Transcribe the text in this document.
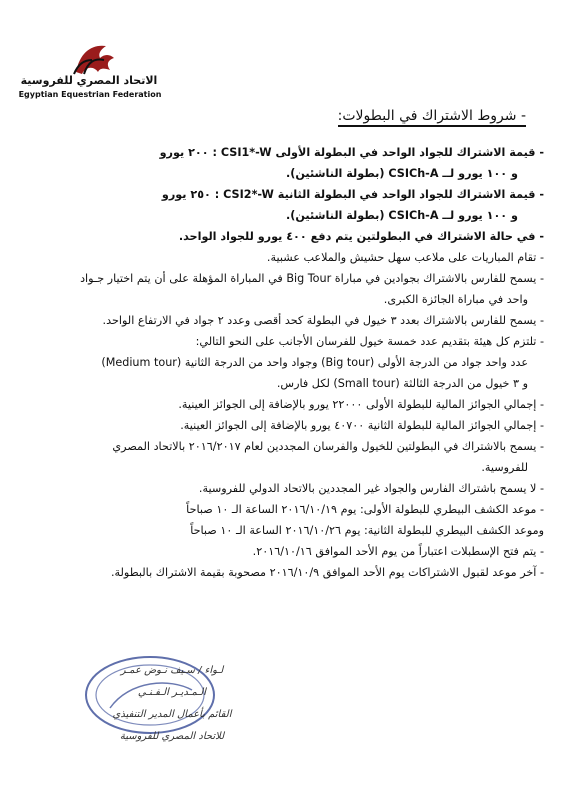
الاتحاد المصري للفروسية
Egyptian Equestrian Federation
- شروط الاشتراك في البطولات:
- قيمة الاشتراك للجواد الواحد في البطولة الأولى CSI1*-W : ٢٠٠ يورو
و ١٠٠ يورو لــ CSICh-A (بطولة الناشئين).
- قيمة الاشتراك للجواد الواحد في البطولة الثانية CSI2*-W : ٢٥٠ يورو
و ١٠٠ يورو لــ CSICh-A (بطولة الناشئين).
- في حالة الاشتراك في البطولتين يتم دفع ٤٠٠ يورو للجواد الواحد.
- تقام المباريات على ملاعب سهل حشيش والملاعب عشبية.
- يسمح للفارس بالاشتراك بجوادين في مباراة Big Tour في المباراة المؤهلة على أن يتم اختيار جـواد
واحد في مباراة الجائزة الكبرى.
- يسمح للفارس بالاشتراك بعدد ٣ خيول في البطولة كحد أقصى وعدد ٢ جواد في الارتفاع الواحد.
- تلتزم كل هيئة بتقديم عدد خمسة خيول للفرسان الأجانب على النحو التالي:
عدد واحد جواد من الدرجة الأولى (Big tour) وجواد واحد من الدرجة الثانية (Medium tour)
و ٣ خيول من الدرجة الثالثة (Small tour) لكل فارس.
- إجمالي الجوائز المالية للبطولة الأولى ٢٢٠٠٠ يورو بالإضافة إلى الجوائز العينية.
- إجمالي الجوائز المالية للبطولة الثانية ٤٠٧٠٠ يورو بالإضافة إلى الجوائز العينية.
- يسمح بالاشتراك في البطولتين للخيول والفرسان المجددين لعام ٢٠١٦/٢٠١٧ بالاتحاد المصري
للفروسية.
- لا يسمح باشتراك الفارس والجواد غير المجددين بالاتحاد الدولي للفروسية.
- موعد الكشف البيطري للبطولة الأولى: يوم ٢٠١٦/١٠/١٩ الساعة الـ ١٠ صباحاً
وموعد الكشف البيطري للبطولة الثانية: يوم ٢٠١٦/١٠/٢٦ الساعة الـ ١٠ صباحاً
- يتم فتح الإسطبلات اعتباراً من يوم الأحد الموافق ٢٠١٦/١٠/١٦.
- آخر موعد لقبول الاشتراكات يوم الأحد الموافق ٢٠١٦/١٠/٩ مصحوبة بقيمة الاشتراك بالبطولة.
لـواء / سـيف نـوض عمـر
الـمـديـر الـفـنـي
القائم بأعمال المدير التنفيذي
للاتحاد المصري للفروسية
